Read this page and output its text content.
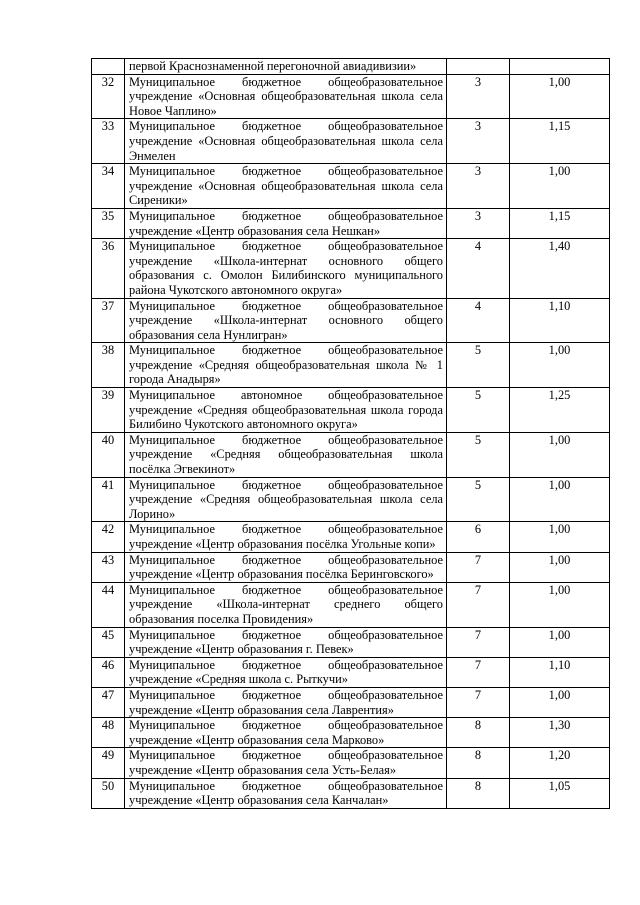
	первой Краснознаменной перегоночной авиадивизии»		
32	Муниципальное бюджетное общеобразовательное учреждение «Основная общеобразовательная школа села Новое Чаплино»	3	1,00
33	Муниципальное бюджетное общеобразовательное учреждение «Основная общеобразовательная школа села Энмелен	3	1,15
34	Муниципальное бюджетное общеобразовательное учреждение «Основная общеобразовательная школа села Сиреники»	3	1,00
35	Муниципальное бюджетное общеобразовательное учреждение «Центр образования села Нешкан»	3	1,15
36	Муниципальное бюджетное общеобразовательное учреждение «Школа-интернат основного общего образования с. Омолон Билибинского муниципального района Чукотского автономного округа»	4	1,40
37	Муниципальное бюджетное общеобразовательное учреждение «Школа-интернат основного общего образования села Нунлигран»	4	1,10
38	Муниципальное бюджетное общеобразовательное учреждение «Средняя общеобразовательная школа № 1 города Анадыря»	5	1,00
39	Муниципальное автономное общеобразовательное учреждение «Средняя общеобразовательная школа города Билибино Чукотского автономного округа»	5	1,25
40	Муниципальное бюджетное общеобразовательное учреждение «Средняя общеобразовательная школа посёлка Эгвекинот»	5	1,00
41	Муниципальное бюджетное общеобразовательное учреждение «Средняя общеобразовательная школа села Лорино»	5	1,00
42	Муниципальное бюджетное общеобразовательное учреждение «Центр образования посёлка Угольные копи»	6	1,00
43	Муниципальное бюджетное общеобразовательное учреждение «Центр образования посёлка Беринговского»	7	1,00
44	Муниципальное бюджетное общеобразовательное учреждение «Школа-интернат среднего общего образования поселка Провидения»	7	1,00
45	Муниципальное бюджетное общеобразовательное учреждение «Центр образования г. Певек»	7	1,00
46	Муниципальное бюджетное общеобразовательное учреждение «Средняя школа с. Рыткучи»	7	1,10
47	Муниципальное бюджетное общеобразовательное учреждение «Центр образования села Лаврентия»	7	1,00
48	Муниципальное бюджетное общеобразовательное учреждение «Центр образования села Марково»	8	1,30
49	Муниципальное бюджетное общеобразовательное учреждение «Центр образования села Усть-Белая»	8	1,20
50	Муниципальное бюджетное общеобразовательное учреждение «Центр образования села Канчалан»	8	1,05
